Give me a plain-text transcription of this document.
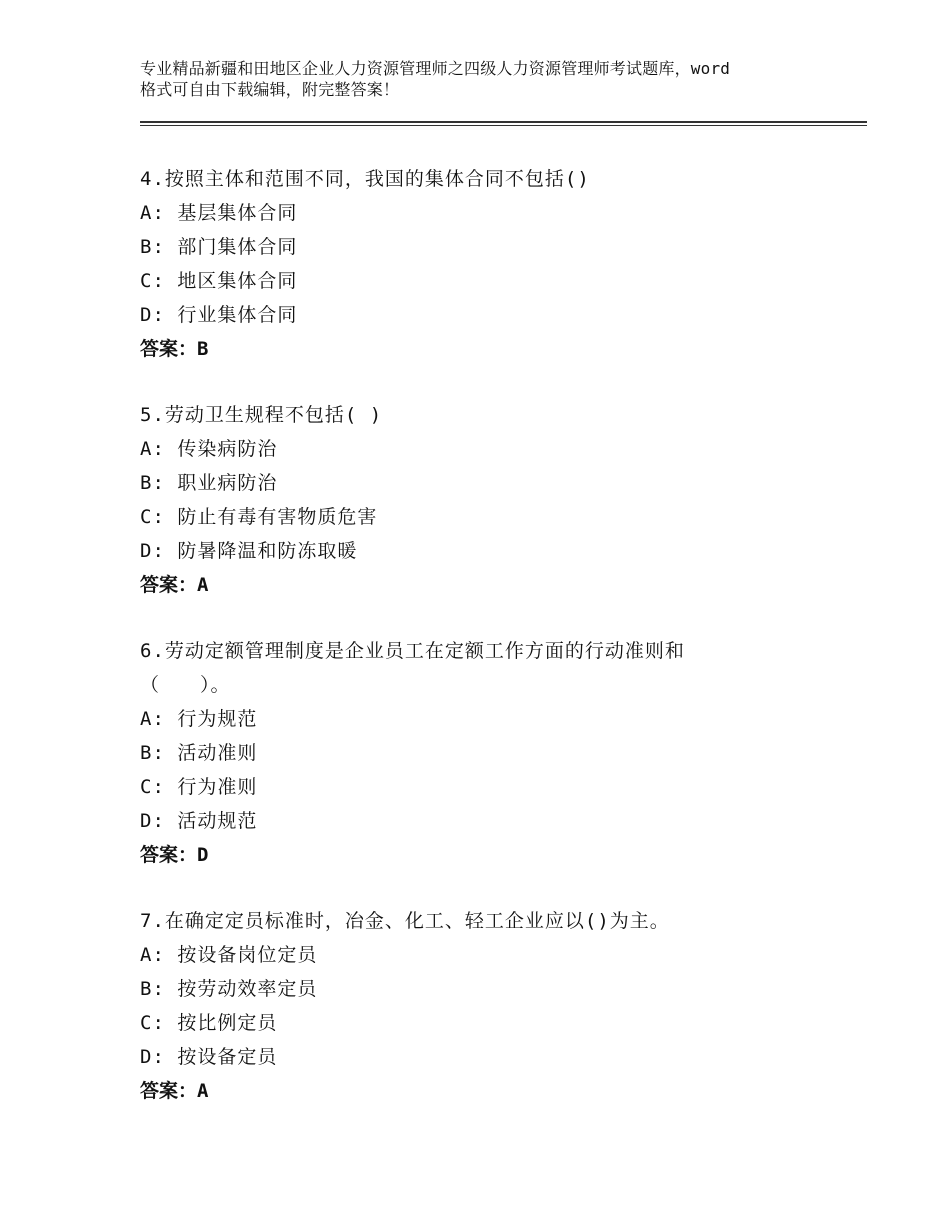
专业精品新疆和田地区企业人力资源管理师之四级人力资源管理师考试题库，word
格式可自由下载编辑，附完整答案！
4.按照主体和范围不同，我国的集体合同不包括()
A: 基层集体合同
B: 部门集体合同
C: 地区集体合同
D: 行业集体合同
答案：B
5.劳动卫生规程不包括( )
A: 传染病防治
B: 职业病防治
C: 防止有毒有害物质危害
D: 防暑降温和防冻取暖
答案：A
6.劳动定额管理制度是企业员工在定额工作方面的行动准则和
（　　）。
A: 行为规范
B: 活动准则
C: 行为准则
D: 活动规范
答案：D
7.在确定定员标准时，冶金、化工、轻工企业应以()为主。
A: 按设备岗位定员
B: 按劳动效率定员
C: 按比例定员
D: 按设备定员
答案：A
